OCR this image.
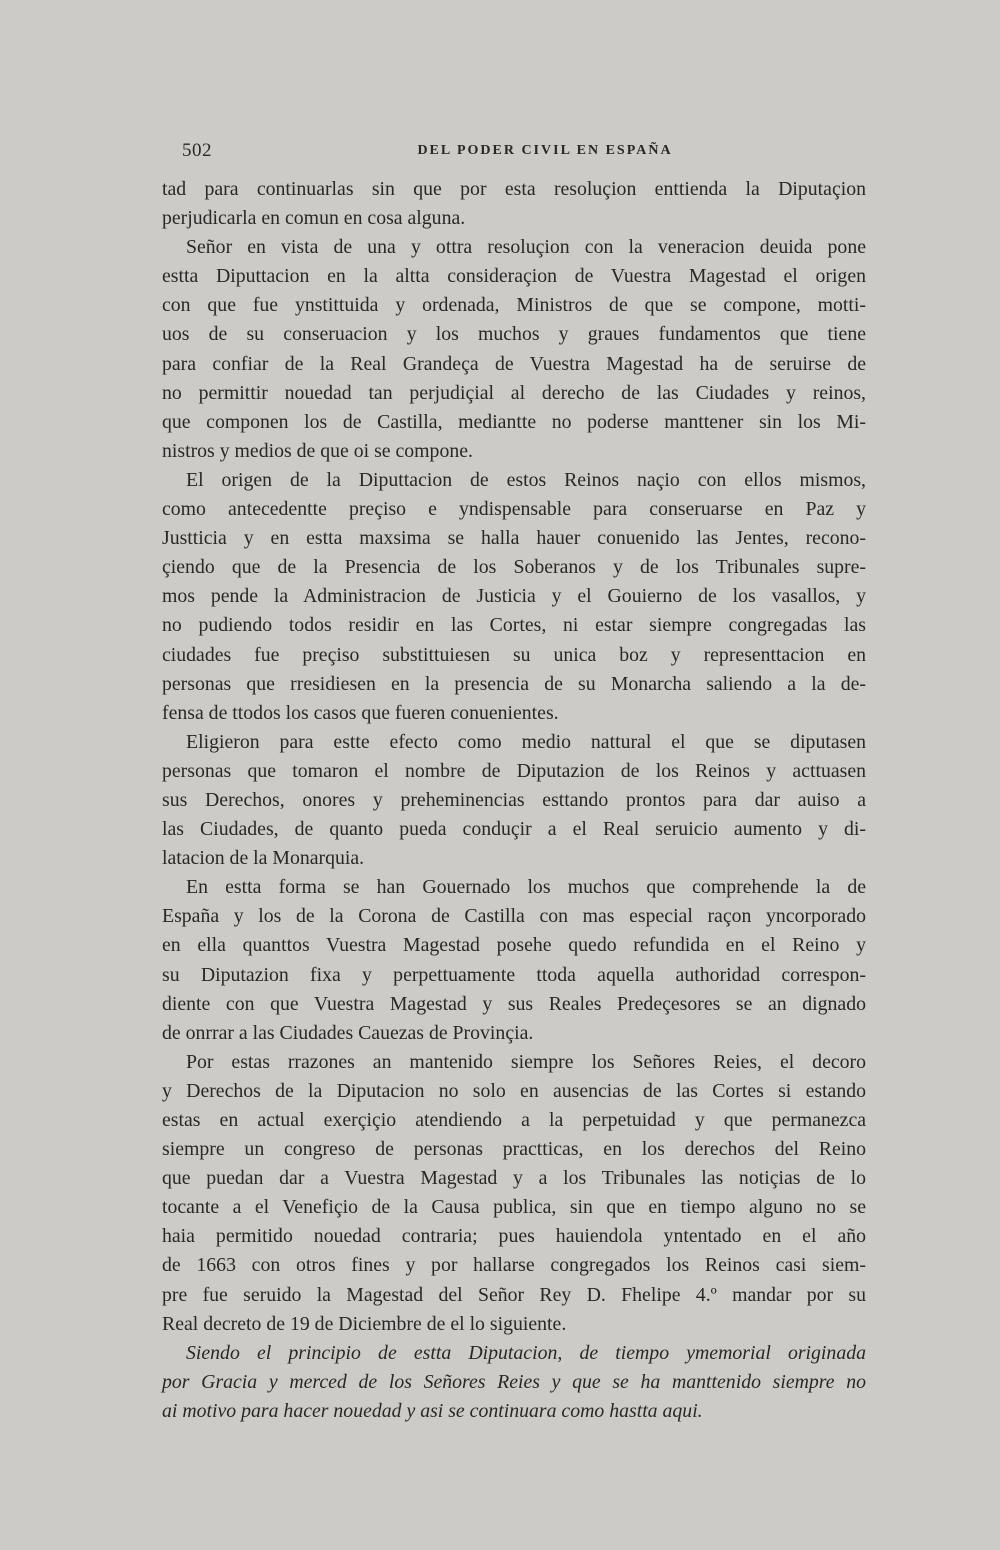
502	DEL PODER CIVIL EN ESPAÑA
tad para continuarlas sin que por esta resoluçion enttienda la Diputaçion
perjudicarla en comun en cosa alguna.
Señor en vista de una y ottra resoluçion con la veneracion deuida pone
estta Diputtacion en la altta consideraçion de Vuestra Magestad el origen
con que fue ynstittuida y ordenada, Ministros de que se compone, motti-
uos de su conseruacion y los muchos y graues fundamentos que tiene
para confiar de la Real Grandeça de Vuestra Magestad ha de seruirse de
no permittir nouedad tan perjudiçial al derecho de las Ciudades y reinos,
que componen los de Castilla, mediantte no poderse manttener sin los Mi-
nistros y medios de que oi se compone.
El origen de la Diputtacion de estos Reinos naçio con ellos mismos,
como antecedentte preçiso e yndispensable para conseruarse en Paz y
Justticia y en estta maxsima se halla hauer conuenido las Jentes, recono-
çiendo que de la Presencia de los Soberanos y de los Tribunales supre-
mos pende la Administracion de Justicia y el Gouierno de los vasallos, y
no pudiendo todos residir en las Cortes, ni estar siempre congregadas las
ciudades fue preçiso substittuiesen su unica boz y representtacion en
personas que rresidiesen en la presencia de su Monarcha saliendo a la de-
fensa de ttodos los casos que fueren conuenientes.
Eligieron para estte efecto como medio nattural el que se diputasen
personas que tomaron el nombre de Diputazion de los Reinos y acttuasen
sus Derechos, onores y preheminencias esttando prontos para dar auiso a
las Ciudades, de quanto pueda conduçir a el Real seruicio aumento y di-
latacion de la Monarquia.
En estta forma se han Gouernado los muchos que comprehende la de
España y los de la Corona de Castilla con mas especial raçon yncorporado
en ella quanttos Vuestra Magestad posehe quedo refundida en el Reino y
su Diputazion fixa y perpettuamente ttoda aquella authoridad correspon-
diente con que Vuestra Magestad y sus Reales Predeçesores se an dignado
de onrrar a las Ciudades Cauezas de Provinçia.
Por estas rrazones an mantenido siempre los Señores Reies, el decoro
y Derechos de la Diputacion no solo en ausencias de las Cortes si estando
estas en actual exerçiçio atendiendo a la perpetuidad y que permanezca
siempre un congreso de personas practticas, en los derechos del Reino
que puedan dar a Vuestra Magestad y a los Tribunales las notiçias de lo
tocante a el Venefiçio de la Causa publica, sin que en tiempo alguno no se
haia permitido nouedad contraria; pues hauiendola yntentado en el año
de 1663 con otros fines y por hallarse congregados los Reinos casi siem-
pre fue seruido la Magestad del Señor Rey D. Fhelipe 4.º mandar por su
Real decreto de 19 de Diciembre de el lo siguiente.
Siendo el principio de estta Diputacion, de tiempo ymemorial originada
por Gracia y merced de los Señores Reies y que se ha manttenido siempre no
ai motivo para hacer nouedad y asi se continuara como hastta aqui.
